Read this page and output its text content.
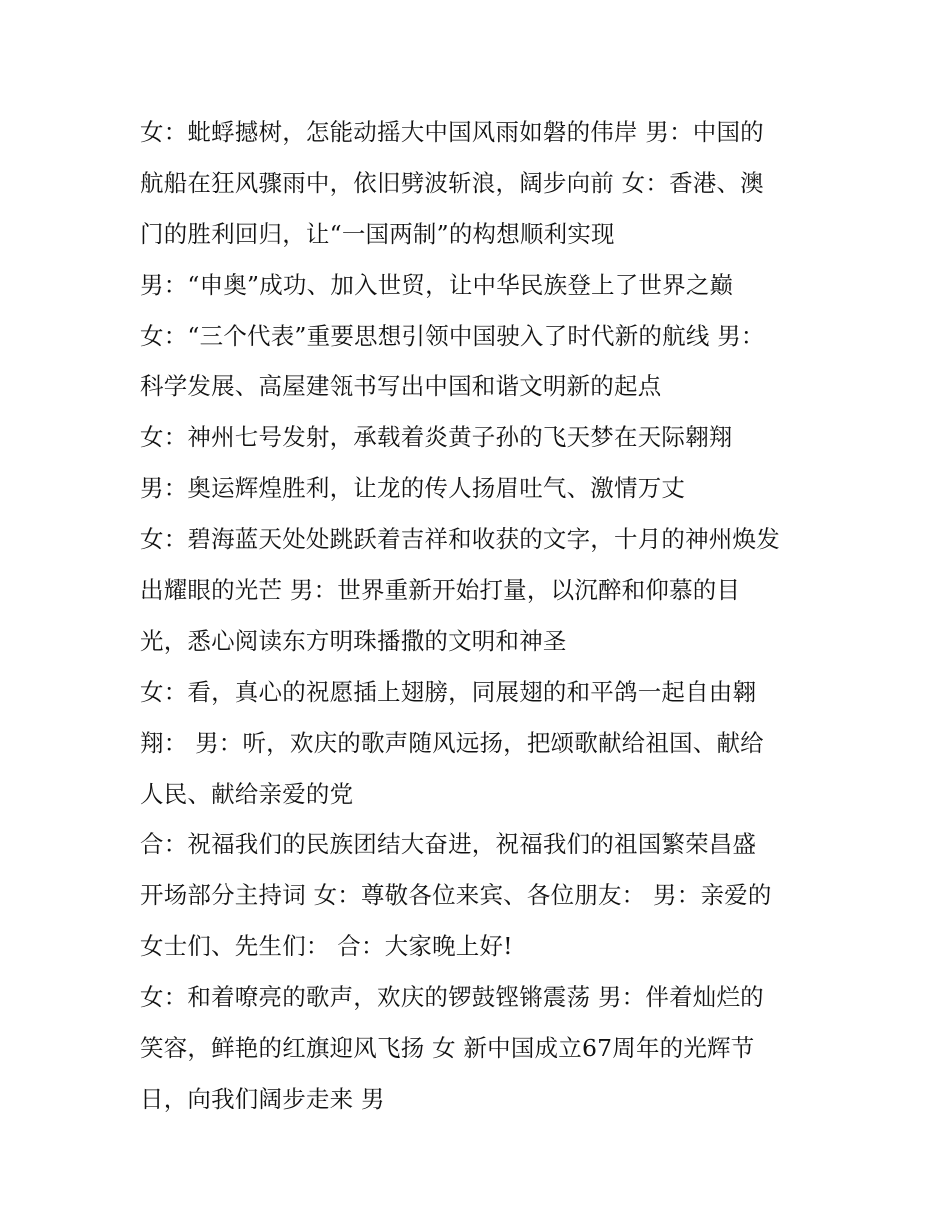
女：蚍蜉撼树，怎能动摇大中国风雨如磐的伟岸 男：中国的
航船在狂风骤雨中，依旧劈波斩浪，阔步向前 女：香港、澳
门的胜利回归，让“一国两制”的构想顺利实现
男：“申奥”成功、加入世贸，让中华民族登上了世界之巅
女：“三个代表”重要思想引领中国驶入了时代新的航线 男：
科学发展、高屋建瓴书写出中国和谐文明新的起点
女：神州七号发射，承载着炎黄子孙的飞天梦在天际翱翔
男：奥运辉煌胜利，让龙的传人扬眉吐气、激情万丈
女：碧海蓝天处处跳跃着吉祥和收获的文字，十月的神州焕发
出耀眼的光芒 男：世界重新开始打量，以沉醉和仰慕的目
光，悉心阅读东方明珠播撒的文明和神圣
女：看，真心的祝愿插上翅膀，同展翅的和平鸽一起自由翱
翔： 男：听，欢庆的歌声随风远扬，把颂歌献给祖国、献给
人民、献给亲爱的党
合：祝福我们的民族团结大奋进，祝福我们的祖国繁荣昌盛
开场部分主持词 女：尊敬各位来宾、各位朋友： 男：亲爱的
女士们、先生们： 合：大家晚上好!
女：和着嘹亮的歌声，欢庆的锣鼓铿锵震荡 男：伴着灿烂的
笑容，鲜艳的红旗迎风飞扬 女 新中国成立67周年的光辉节
日，向我们阔步走来 男
